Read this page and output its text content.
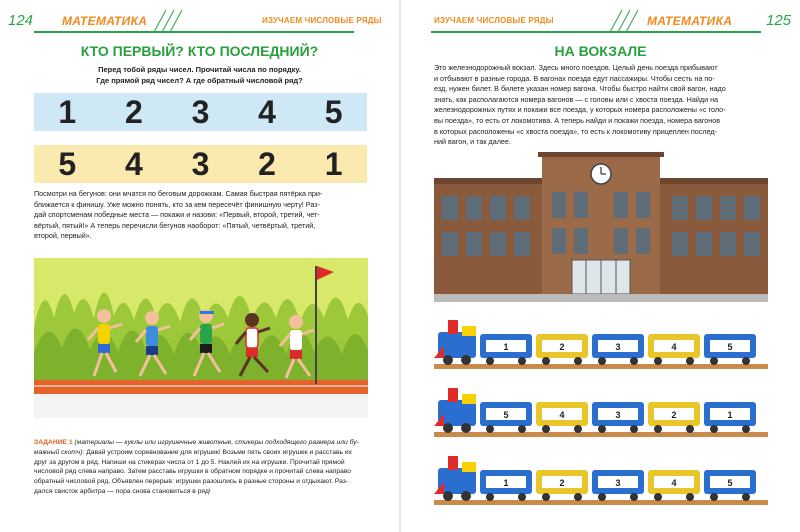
124 МАТЕМАТИКА	ИЗУЧАЕМ ЧИСЛОВЫЕ РЯДЫ
КТО ПЕРВЫЙ? КТО ПОСЛЕДНИЙ?
Перед тобой ряды чисел. Прочитай числа по порядку.
Где прямой ряд чисел? А где обратный числовой ряд?
1 2 3 4 5
5 4 3 2 1
Посмотри на бегунов: они мчатся по беговым дорожкам. Самая быстрая пятёрка при-
ближается к финишу. Уже можно понять, кто за кем пересечёт финишную черту! Раз-
дай спортсменам победные места — покажи и назови: «Первый, второй, третий, чет-
вёртый, пятый!» А теперь перечисли бегунов наоборот: «Пятый, четвёртый, третий,
второй, первый».
ЗАДАНИЕ 1 (материалы — куклы или игрушечные животные, стикеры подходящего размера или бу-
мажный скотч): Давай устроим соревнование для игрушек! Возьми пять своих игрушек и расставь их
друг за другом в ряд. Напиши на стикерах числа от 1 до 5. Наклей их на игрушки. Прочитай прямой
числовой ряд слева направо. Затем расставь игрушки в обратном порядке и прочитай слева направо
обратный числовой ряд. Объявлен перерыв: игрушки разошлись в разные стороны и отдыхают. Раз-
дался свисток арбитра — пора снова становиться в ряд!
ИЗУЧАЕМ ЧИСЛОВЫЕ РЯДЫ	МАТЕМАТИКА 125
НА ВОКЗАЛЕ
Это железнодорожный вокзал. Здесь много поездов. Целый день поезда прибывают
и отбывают в разные города. В вагонах поезда едут пассажиры. Чтобы сесть на по-
езд, нужен билет. В билете указан номер вагона. Чтобы быстро найти свой вагон, надо
знать, как располагаются номера вагонов — с головы или с хвоста поезда. Найди на
железнодорожных путях и покажи все поезда, у которых номера расположены «с голо-
вы поезда», то есть от локомотива. А теперь найди и покажи поезда, номера вагонов
в которых расположены «с хвоста поезда», то есть к локомотиву прицеплен послед-
ний вагон, и так далее.
1	2	3	4	5
5	4	3	2	1
1	2	3	4	5
